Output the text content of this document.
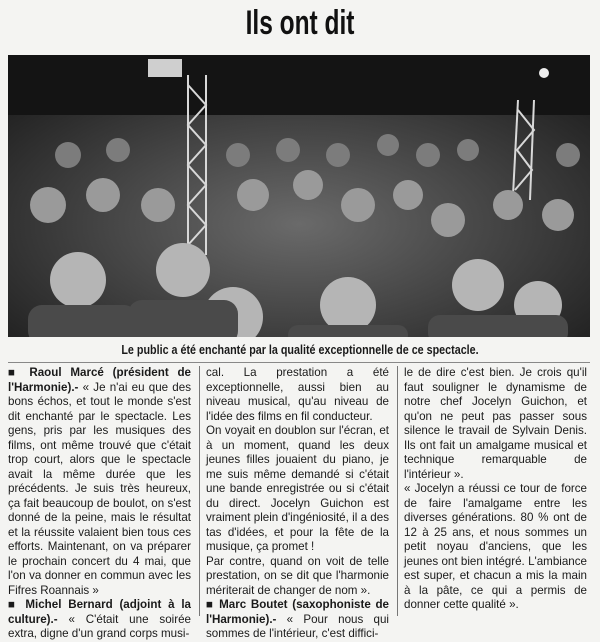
Ils ont dit
Le public a été enchanté par la qualité exceptionnelle de ce spectacle.

■ Raoul Marcé (président de l'Harmonie).- « Je n'ai eu que des bons échos, et tout le monde s'est dit enchanté par le spectacle. Les gens, pris par les musiques des films, ont même trouvé que c'était trop court, alors que le spectacle avait la même durée que les précédents. Je suis très heureux, ça fait beaucoup de boulot, on s'est donné de la peine, mais le résultat et la réussite valaient bien tous ces efforts. Maintenant, on va préparer le prochain concert du 4 mai, que l'on va donner en commun avec les Fifres Roannais »

■ Michel Bernard (adjoint à la culture).- « C'était une soirée extra, digne d'un grand corps musi-

cal. La prestation a été exceptionnelle, aussi bien au niveau musical, qu'au niveau de l'idée des films en fil conducteur.

On voyait en doublon sur l'écran, et à un moment, quand les deux jeunes filles jouaient du piano, je me suis même demandé si c'était une bande enregistrée ou si c'était du direct. Jocelyn Guichon est vraiment plein d'ingéniosité, il a des tas d'idées, et pour la fête de la musique, ça promet !

Par contre, quand on voit de telle prestation, on se dit que l'harmonie mériterait de changer de nom ».

■ Marc Boutet (saxophoniste de l'Harmonie).- « Pour nous qui sommes de l'intérieur, c'est diffici-

le de dire c'est bien. Je crois qu'il faut souligner le dynamisme de notre chef Jocelyn Guichon, et qu'on ne peut pas passer sous silence le travail de Sylvain Denis. Ils ont fait un amalgame musical et technique remarquable de l'intérieur ».

« Jocelyn a réussi ce tour de force de faire l'amalgame entre les diverses générations. 80 % ont de 12 à 25 ans, et nous sommes un petit noyau d'anciens, que les jeunes ont bien intégré. L'ambiance est super, et chacun a mis la main à la pâte, ce qui a permis de donner cette qualité ».
